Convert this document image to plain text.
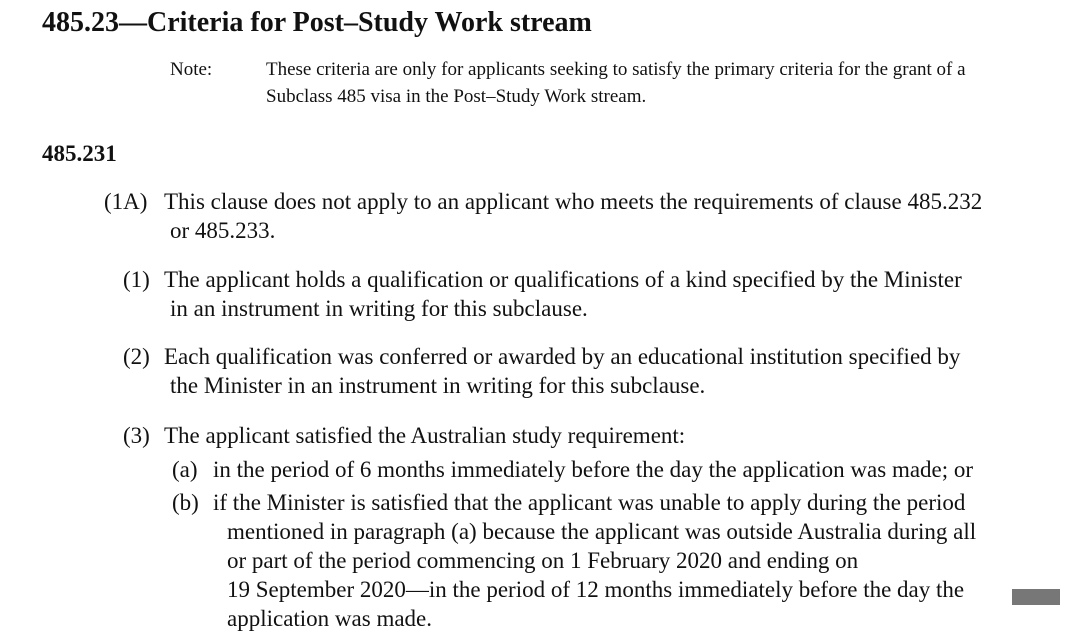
485.23—Criteria for Post–Study Work stream
Note:	These criteria are only for applicants seeking to satisfy the primary criteria for the grant of a
Subclass 485 visa in the Post–Study Work stream.
485.231
(1A) This clause does not apply to an applicant who meets the requirements of clause 485.232
or 485.233.
(1) The applicant holds a qualification or qualifications of a kind specified by the Minister
in an instrument in writing for this subclause.
(2) Each qualification was conferred or awarded by an educational institution specified by
the Minister in an instrument in writing for this subclause.
(3) The applicant satisfied the Australian study requirement:
(a) in the period of 6 months immediately before the day the application was made; or
(b) if the Minister is satisfied that the applicant was unable to apply during the period
mentioned in paragraph (a) because the applicant was outside Australia during all
or part of the period commencing on 1 February 2020 and ending on
19 September 2020—in the period of 12 months immediately before the day the
application was made.
